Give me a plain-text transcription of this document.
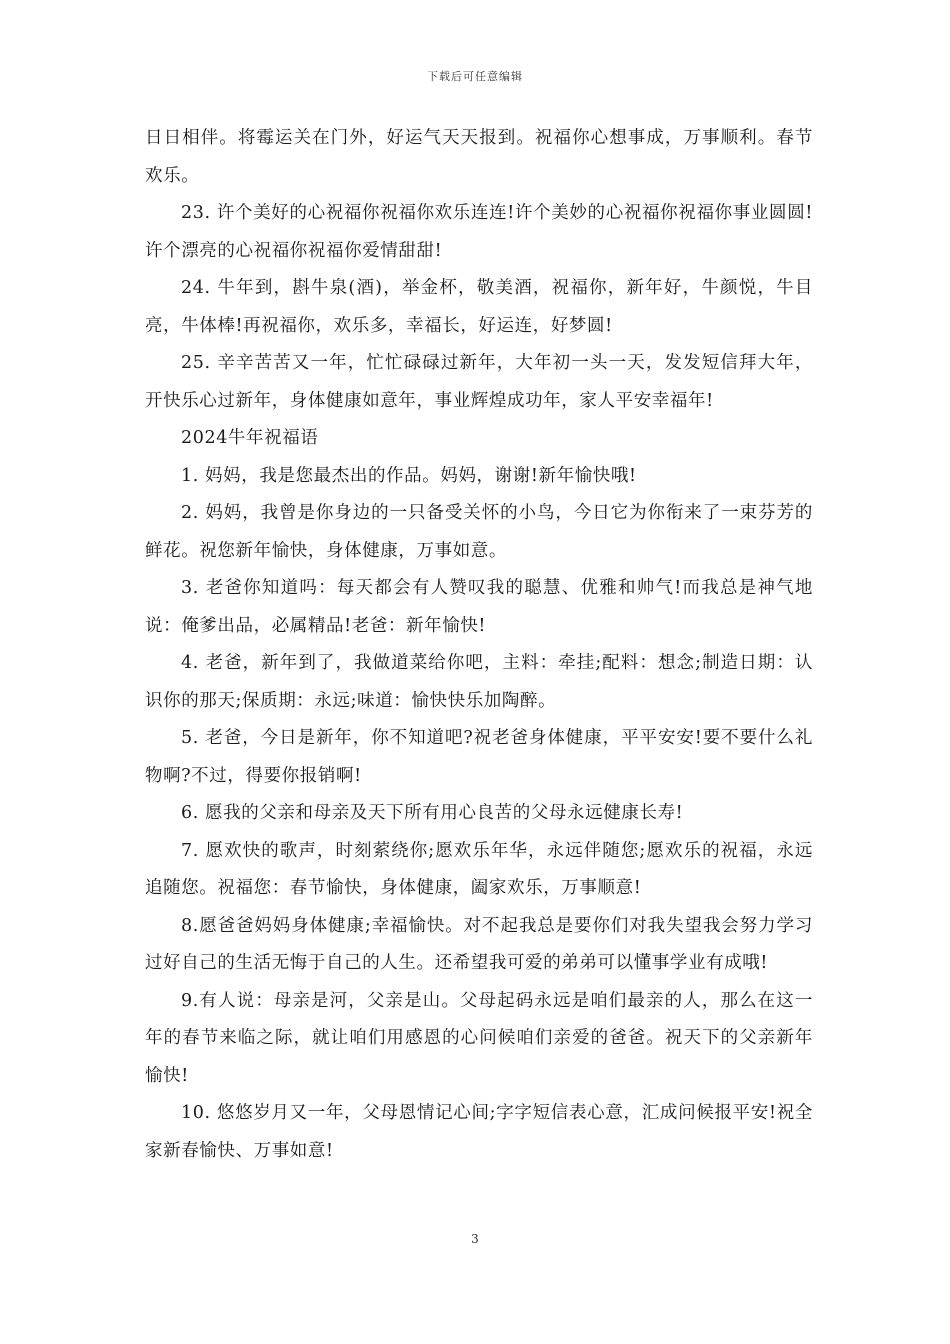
下载后可任意编辑

日日相伴。将霉运关在门外，好运气天天报到。祝福你心想事成，万事顺利。春节欢乐。

23. 许个美好的心祝福你祝福你欢乐连连!许个美妙的心祝福你祝福你事业圆圆!许个漂亮的心祝福你祝福你爱情甜甜!

24. 牛年到，斟牛泉(酒)，举金杯，敬美酒，祝福你，新年好，牛颜悦，牛目亮，牛体棒!再祝福你，欢乐多，幸福长，好运连，好梦圆!

25. 辛辛苦苦又一年，忙忙碌碌过新年，大年初一头一天，发发短信拜大年，开快乐心过新年，身体健康如意年，事业辉煌成功年，家人平安幸福年!

2024牛年祝福语

1. 妈妈，我是您最杰出的作品。妈妈，谢谢!新年愉快哦!

2. 妈妈，我曾是你身边的一只备受关怀的小鸟，今日它为你衔来了一束芬芳的鲜花。祝您新年愉快，身体健康，万事如意。

3. 老爸你知道吗：每天都会有人赞叹我的聪慧、优雅和帅气!而我总是神气地说：俺爹出品，必属精品!老爸：新年愉快!

4. 老爸，新年到了，我做道菜给你吧，主料：牵挂;配料：想念;制造日期：认识你的那天;保质期：永远;味道：愉快快乐加陶醉。

5. 老爸，今日是新年，你不知道吧?祝老爸身体健康，平平安安!要不要什么礼物啊?不过，得要你报销啊!

6. 愿我的父亲和母亲及天下所有用心良苦的父母永远健康长寿!

7. 愿欢快的歌声，时刻萦绕你;愿欢乐年华，永远伴随您;愿欢乐的祝福，永远追随您。祝福您：春节愉快，身体健康，阖家欢乐，万事顺意!

8.愿爸爸妈妈身体健康;幸福愉快。对不起我总是要你们对我失望我会努力学习过好自己的生活无悔于自己的人生。还希望我可爱的弟弟可以懂事学业有成哦!

9.有人说：母亲是河，父亲是山。父母起码永远是咱们最亲的人，那么在这一年的春节来临之际，就让咱们用感恩的心问候咱们亲爱的爸爸。祝天下的父亲新年愉快!

10. 悠悠岁月又一年，父母恩情记心间;字字短信表心意，汇成问候报平安!祝全家新春愉快、万事如意!

3
